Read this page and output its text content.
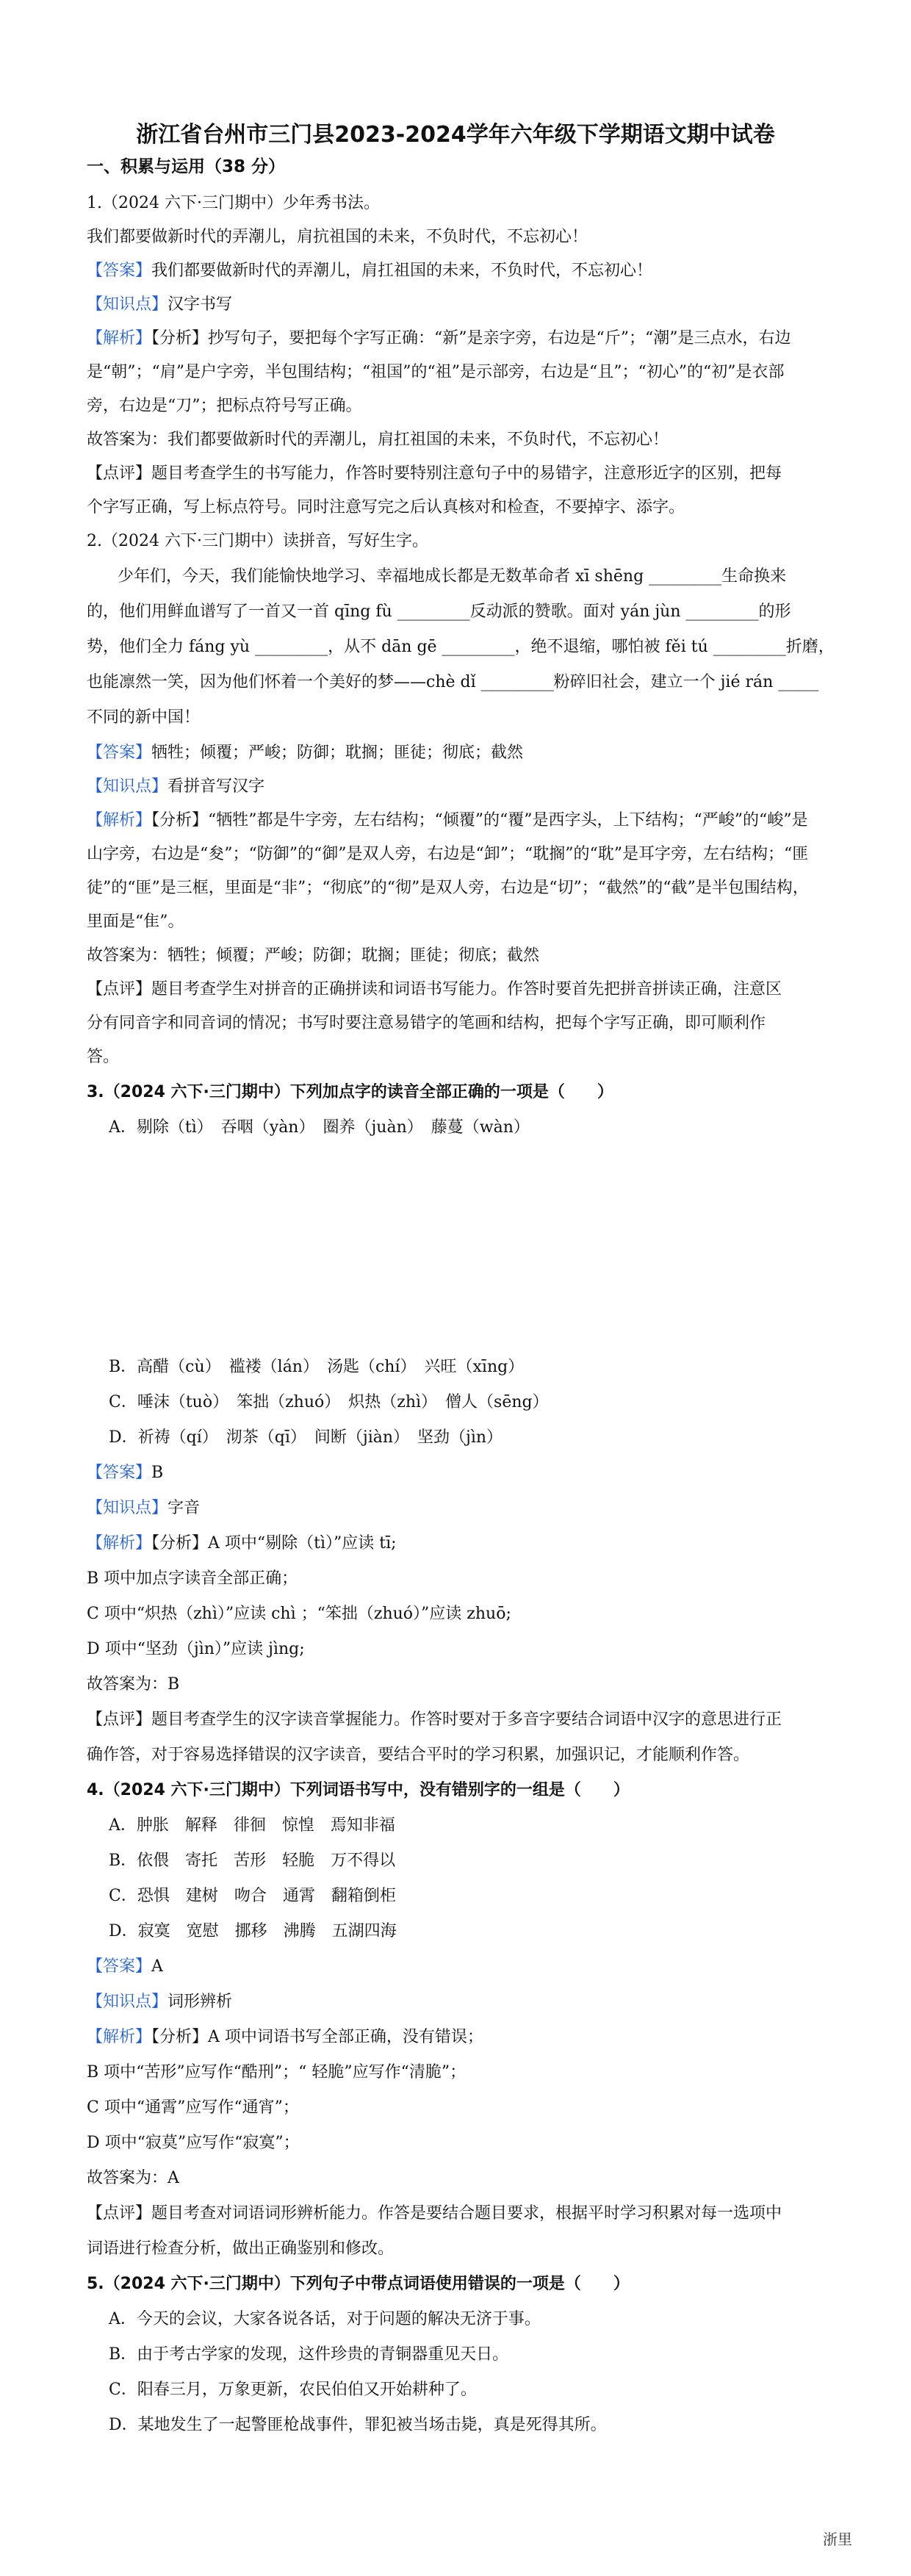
浙江省台州市三门县2023-2024学年六年级下学期语文期中试卷
一、积累与运用（38 分）
1.（2024 六下·三门期中）少年秀书法。
我们都要做新时代的弄潮儿，肩抗祖国的未来，不负时代，不忘初心！
【答案】我们都要做新时代的弄潮儿，肩扛祖国的未来，不负时代，不忘初心！
【知识点】汉字书写
【解析】【分析】抄写句子，要把每个字写正确：“新”是亲字旁，右边是“斤”；“潮”是三点水，右边
是“朝”；“肩”是户字旁，半包围结构；“祖国”的“祖”是示部旁，右边是“且”；“初心”的“初”是衣部
旁，右边是“刀”；把标点符号写正确。
故答案为：我们都要做新时代的弄潮儿，肩扛祖国的未来，不负时代，不忘初心！
【点评】题目考查学生的书写能力，作答时要特别注意句子中的易错字，注意形近字的区别，把每
个字写正确，写上标点符号。同时注意写完之后认真核对和检查，不要掉字、添字。
2.（2024 六下·三门期中）读拼音，写好生字。
少年们，今天，我们能愉快地学习、幸福地成长都是无数革命者 xī shēng _________生命换来
的，他们用鲜血谱写了一首又一首 qīng fù _________反动派的赞歌。面对 yán jùn _________的形
势，他们全力 fáng yù _________，从不 dān gē _________，绝不退缩，哪怕被 fěi tú _________折磨，
也能凛然一笑，因为他们怀着一个美好的梦——chè dǐ _________粉碎旧社会，建立一个 jié rán _____
不同的新中国！
【答案】牺牲；倾覆；严峻；防御；耽搁；匪徒；彻底；截然
【知识点】看拼音写汉字
【解析】【分析】“牺牲”都是牛字旁，左右结构；“倾覆”的“覆”是西字头，上下结构；“严峻”的“峻”是
山字旁，右边是“夋”；“防御”的“御”是双人旁，右边是“卸”；“耽搁”的“耽”是耳字旁，左右结构；“匪
徒”的“匪”是三框，里面是“非”；“彻底”的“彻”是双人旁，右边是“切”；“截然”的“截”是半包围结构，
里面是“隹”。
故答案为：牺牲；倾覆；严峻；防御；耽搁；匪徒；彻底；截然
【点评】题目考查学生对拼音的正确拼读和词语书写能力。作答时要首先把拼音拼读正确，注意区
分有同音字和同音词的情况；书写时要注意易错字的笔画和结构，把每个字写正确，即可顺利作
答。
3.（2024 六下·三门期中）下列加点字的读音全部正确的一项是（　　）
A．剔除（tì）　吞咽（yàn）　圈养（juàn）　藤蔓（wàn）
B．高醋（cù）　褴褛（lán）　汤匙（chí）　兴旺（xīng）
C．唾沫（tuò）　笨拙（zhuó）　炽热（zhì）　僧人（sēng）
D．祈祷（qí）　沏茶（qī）　间断（jiàn）　坚劲（jìn）
【答案】B
【知识点】字音
【解析】【分析】A 项中“剔除（tì）”应读 tī;
B 项中加点字读音全部正确；
C 项中“炽热（zhì）”应读 chì ；“笨拙（zhuó）”应读 zhuō;
D 项中“坚劲（jìn）”应读 jìng;
故答案为：B
【点评】题目考查学生的汉字读音掌握能力。作答时要对于多音字要结合词语中汉字的意思进行正
确作答，对于容易选择错误的汉字读音，要结合平时的学习积累，加强识记，才能顺利作答。
4.（2024 六下·三门期中）下列词语书写中，没有错别字的一组是（　　）
A．肿胀　解释　徘徊　惊惶　焉知非福
B．依偎　寄托　苦形　轻脆　万不得以
C．恐惧　建树　吻合　通霄　翻箱倒柜
D．寂寞　宽慰　挪移　沸腾　五湖四海
【答案】A
【知识点】词形辨析
【解析】【分析】A 项中词语书写全部正确，没有错误；
B 项中“苦形”应写作“酷刑”；“ 轻脆”应写作“清脆”；
C 项中“通霄”应写作“通宵”；
D 项中“寂莫”应写作“寂寞”；
故答案为：A
【点评】题目考查对词语词形辨析能力。作答是要结合题目要求，根据平时学习积累对每一选项中
词语进行检查分析，做出正确鉴别和修改。
5.（2024 六下·三门期中）下列句子中带点词语使用错误的一项是（　　）
A．今天的会议，大家各说各话，对于问题的解决无济于事。
B．由于考古学家的发现，这件珍贵的青铜器重见天日。
C．阳春三月，万象更新，农民伯伯又开始耕种了。
D．某地发生了一起警匪枪战事件，罪犯被当场击毙，真是死得其所。
浙里
